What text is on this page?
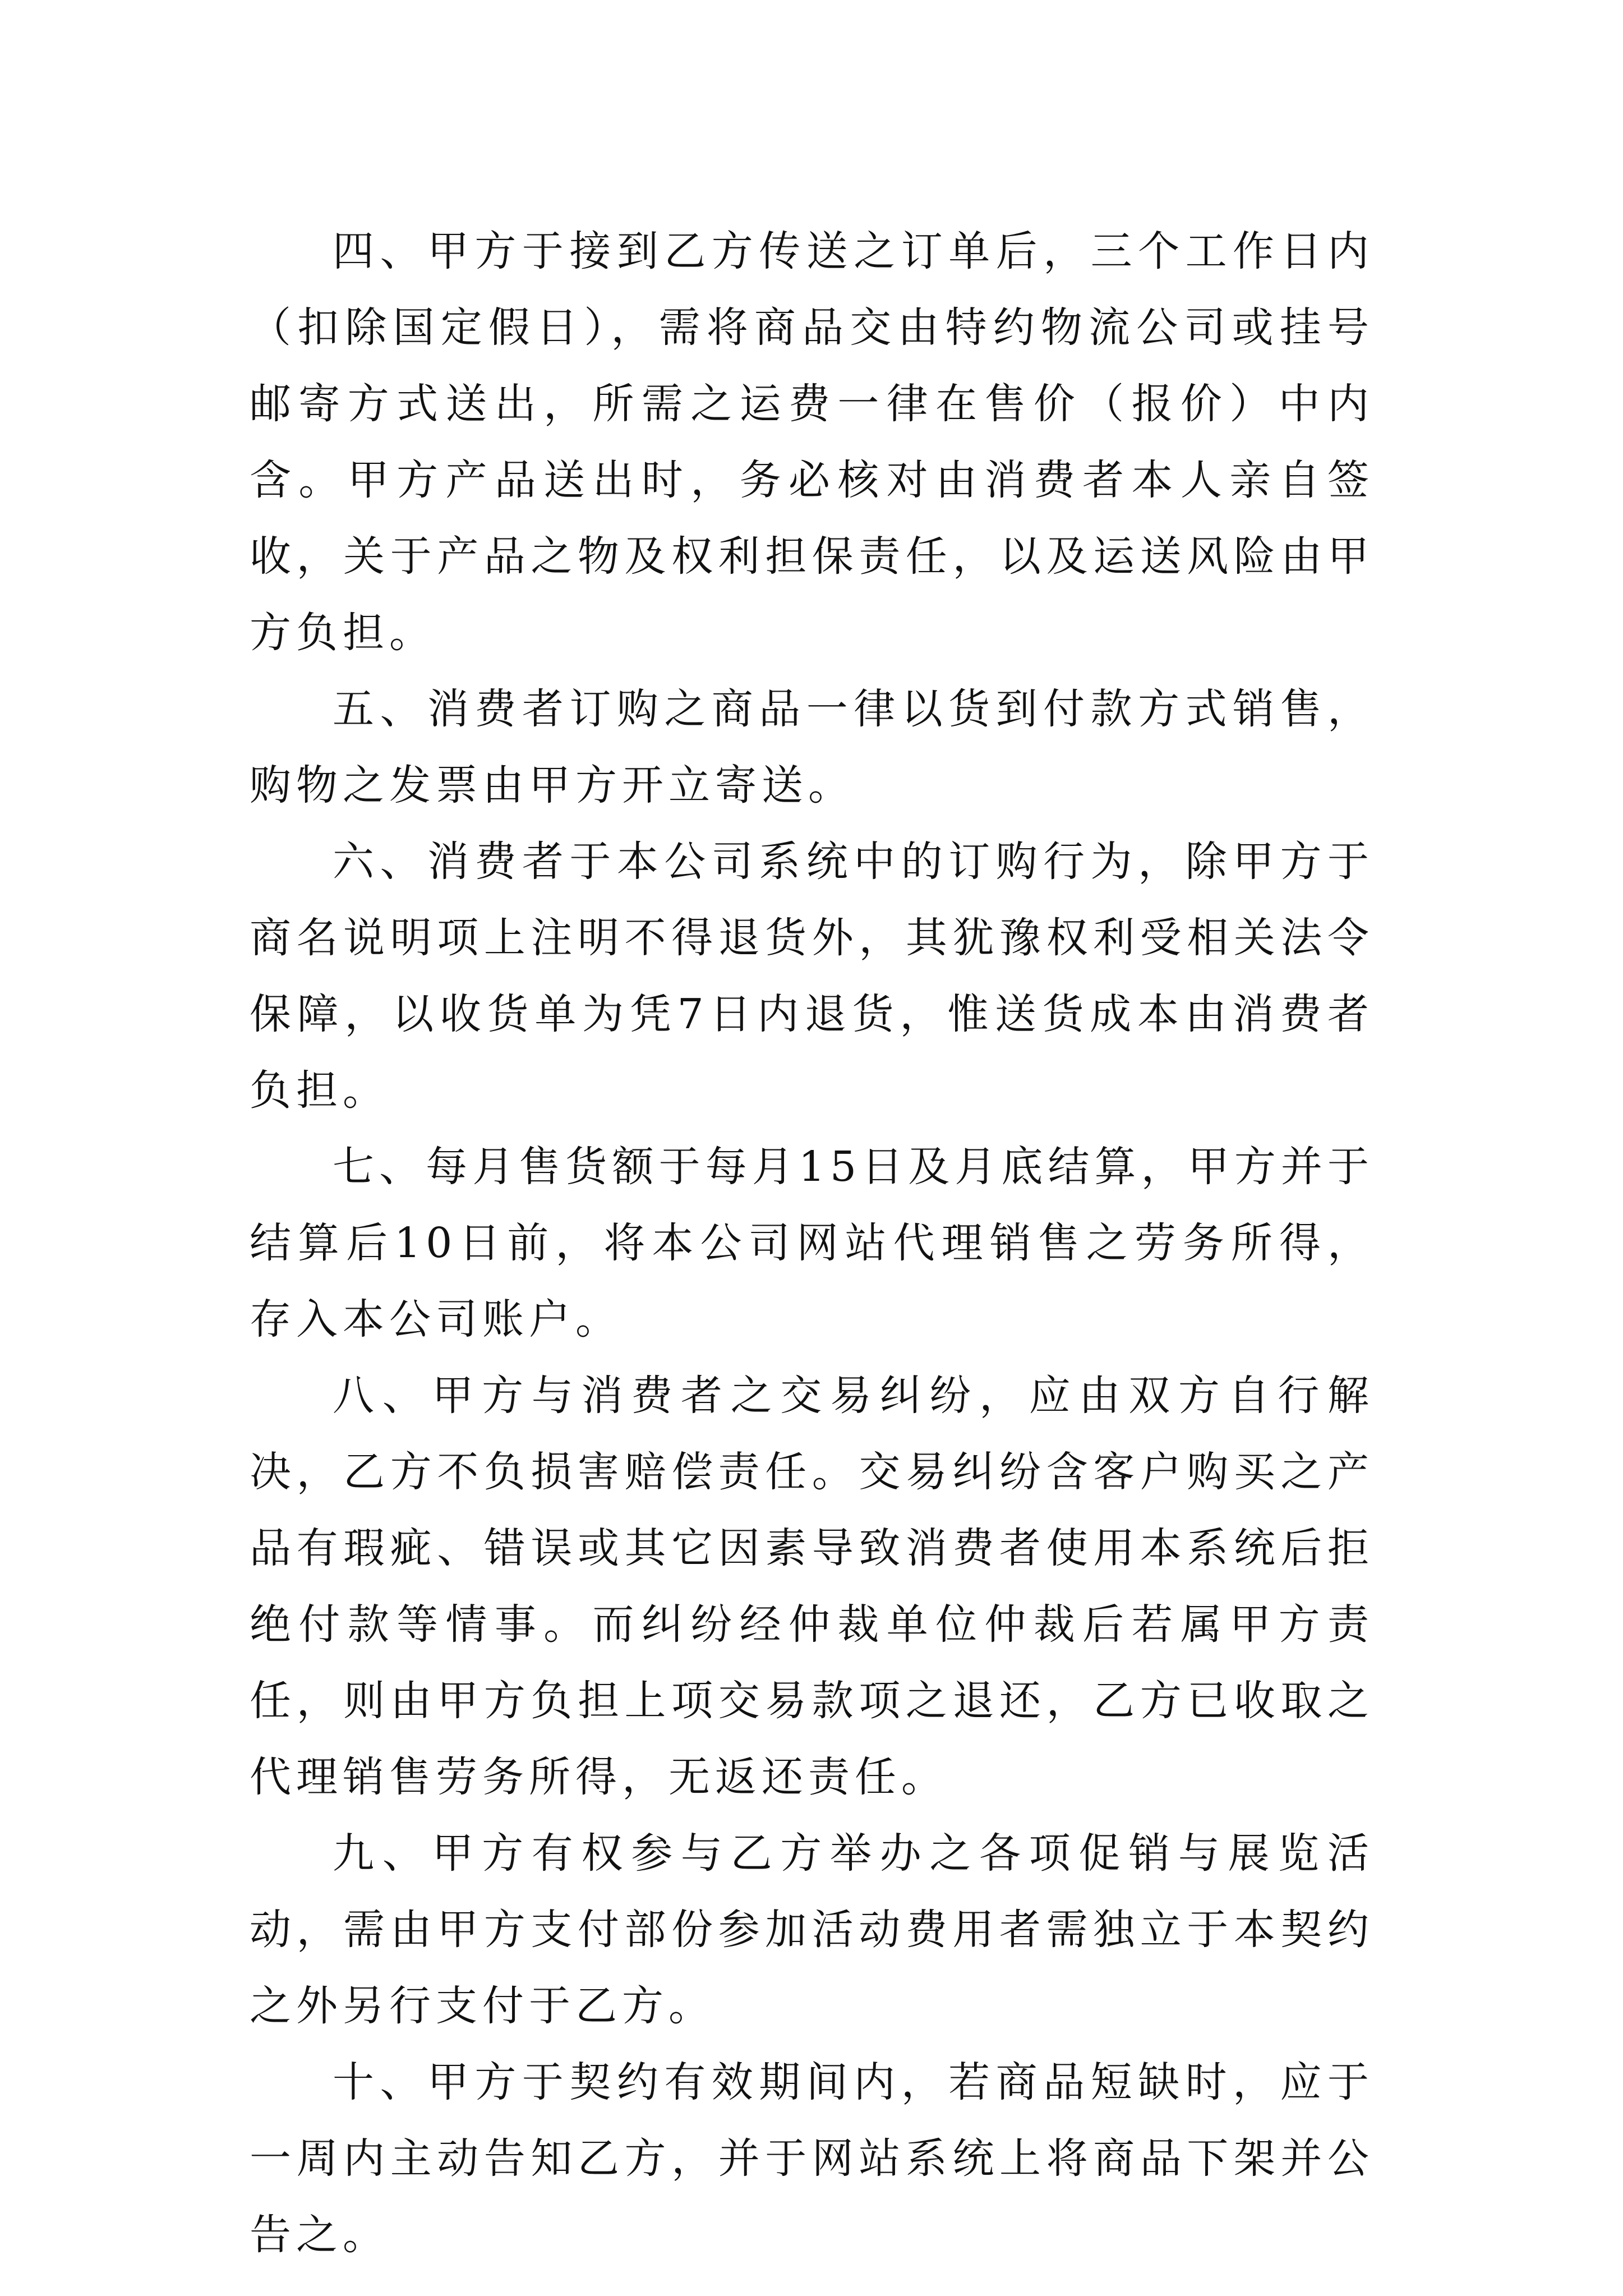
四、甲方于接到乙方传送之订单后，三个工作日内（扣除国定假日），需将商品交由特约物流公司或挂号邮寄方式送出，所需之运费一律在售价（报价）中内含。甲方产品送出时，务必核对由消费者本人亲自签收，关于产品之物及权利担保责任，以及运送风险由甲方负担。

五、消费者订购之商品一律以货到付款方式销售，购物之发票由甲方开立寄送。

六、消费者于本公司系统中的订购行为，除甲方于商名说明项上注明不得退货外，其犹豫权利受相关法令保障，以收货单为凭7日内退货，惟送货成本由消费者负担。

七、每月售货额于每月15日及月底结算，甲方并于结算后10日前，将本公司网站代理销售之劳务所得，存入本公司账户。

八、甲方与消费者之交易纠纷，应由双方自行解决，乙方不负损害赔偿责任。交易纠纷含客户购买之产品有瑕疵、错误或其它因素导致消费者使用本系统后拒绝付款等情事。而纠纷经仲裁单位仲裁后若属甲方责任，则由甲方负担上项交易款项之退还，乙方已收取之代理销售劳务所得，无返还责任。

九、甲方有权参与乙方举办之各项促销与展览活动，需由甲方支付部份参加活动费用者需独立于本契约之外另行支付于乙方。

十、甲方于契约有效期间内，若商品短缺时，应于一周内主动告知乙方，并于网站系统上将商品下架并公告之。
